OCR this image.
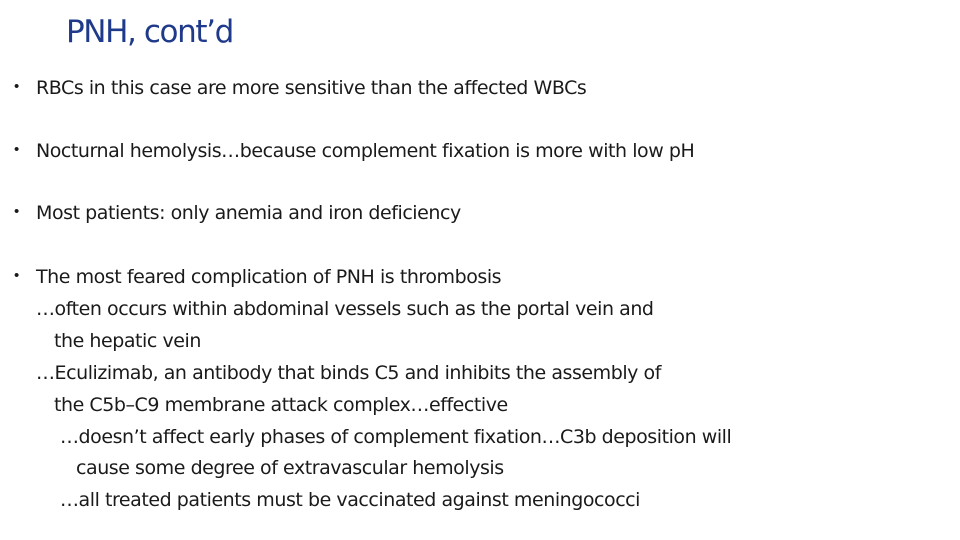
PNH, cont’d
• RBCs in this case are more sensitive than the affected WBCs
• Nocturnal hemolysis…because complement fixation is more with low pH
• Most patients: only anemia and iron deficiency
• The most feared complication of PNH is thrombosis
…often occurs within abdominal vessels such as the portal vein and
the hepatic vein
…Eculizimab, an antibody that binds C5 and inhibits the assembly of
the C5b–C9 membrane attack complex…effective
…doesn’t affect early phases of complement fixation…C3b deposition will
cause some degree of extravascular hemolysis
…all treated patients must be vaccinated against meningococci
